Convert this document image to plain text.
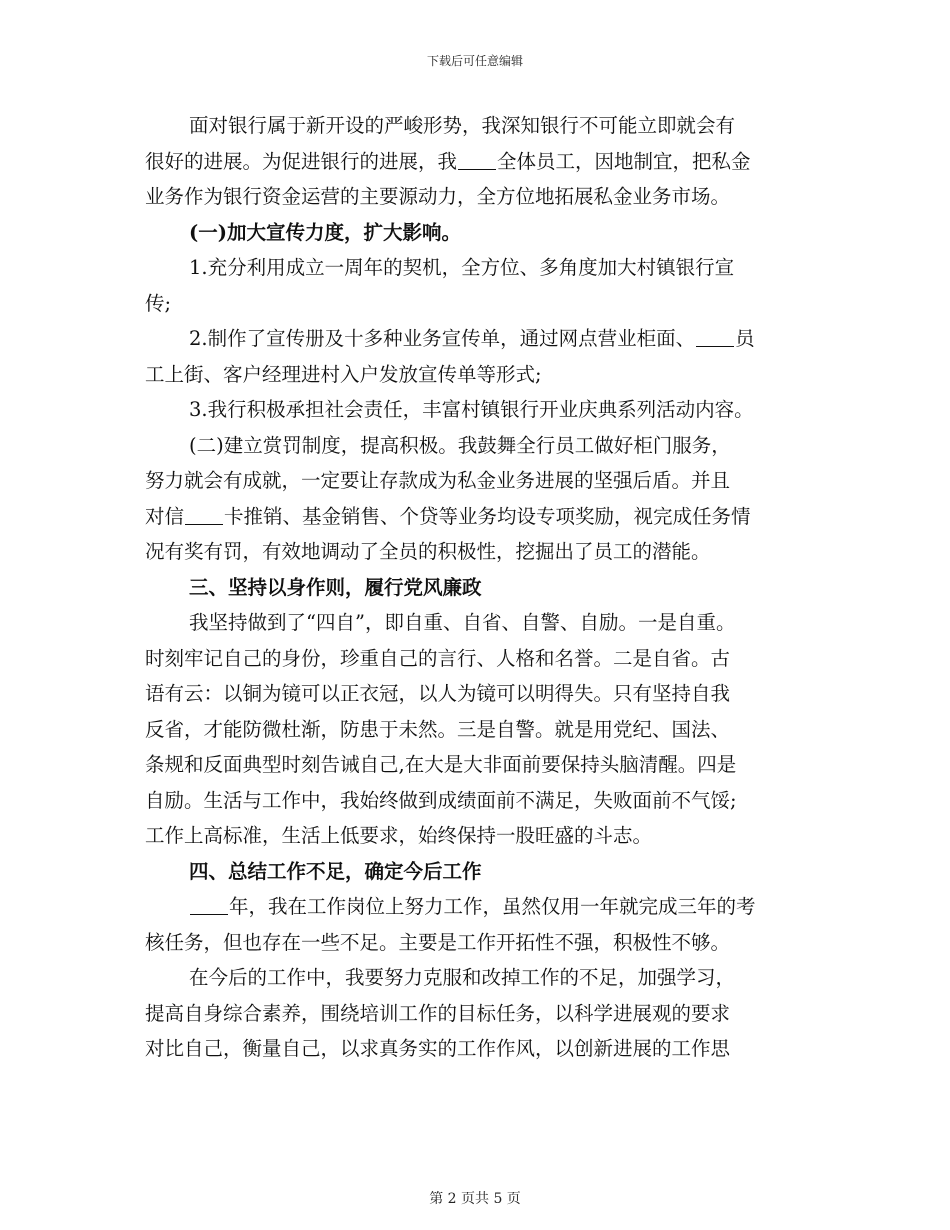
下载后可任意编辑
面对银行属于新开设的严峻形势，我深知银行不可能立即就会有
很好的进展。为促进银行的进展，我 全体员工，因地制宜，把私金
业务作为银行资金运营的主要源动力，全方位地拓展私金业务市场。
(一)加大宣传力度，扩大影响。
1.充分利用成立一周年的契机，全方位、多角度加大村镇银行宣
传;
2.制作了宣传册及十多种业务宣传单，通过网点营业柜面、 员
工上街、客户经理进村入户发放宣传单等形式;
3.我行积极承担社会责任，丰富村镇银行开业庆典系列活动内容。
(二)建立赏罚制度，提高积极。我鼓舞全行员工做好柜门服务，
努力就会有成就，一定要让存款成为私金业务进展的坚强后盾。并且
对信 卡推销、基金销售、个贷等业务均设专项奖励，视完成任务情
况有奖有罚，有效地调动了全员的积极性，挖掘出了员工的潜能。
三、坚持以身作则，履行党风廉政
我坚持做到了“四自”，即自重、自省、自警、自励。一是自重。
时刻牢记自己的身份，珍重自己的言行、人格和名誉。二是自省。古
语有云：以铜为镜可以正衣冠，以人为镜可以明得失。只有坚持自我
反省，才能防微杜渐，防患于未然。三是自警。就是用党纪、国法、
条规和反面典型时刻告诫自己,在大是大非面前要保持头脑清醒。四是
自励。生活与工作中，我始终做到成绩面前不满足，失败面前不气馁;
工作上高标准，生活上低要求，始终保持一股旺盛的斗志。
四、总结工作不足，确定今后工作
年，我在工作岗位上努力工作，虽然仅用一年就完成三年的考
核任务，但也存在一些不足。主要是工作开拓性不强，积极性不够。
在今后的工作中，我要努力克服和改掉工作的不足，加强学习，
提高自身综合素养，围绕培训工作的目标任务，以科学进展观的要求
对比自己，衡量自己，以求真务实的工作作风，以创新进展的工作思
第 2 页共 5 页
